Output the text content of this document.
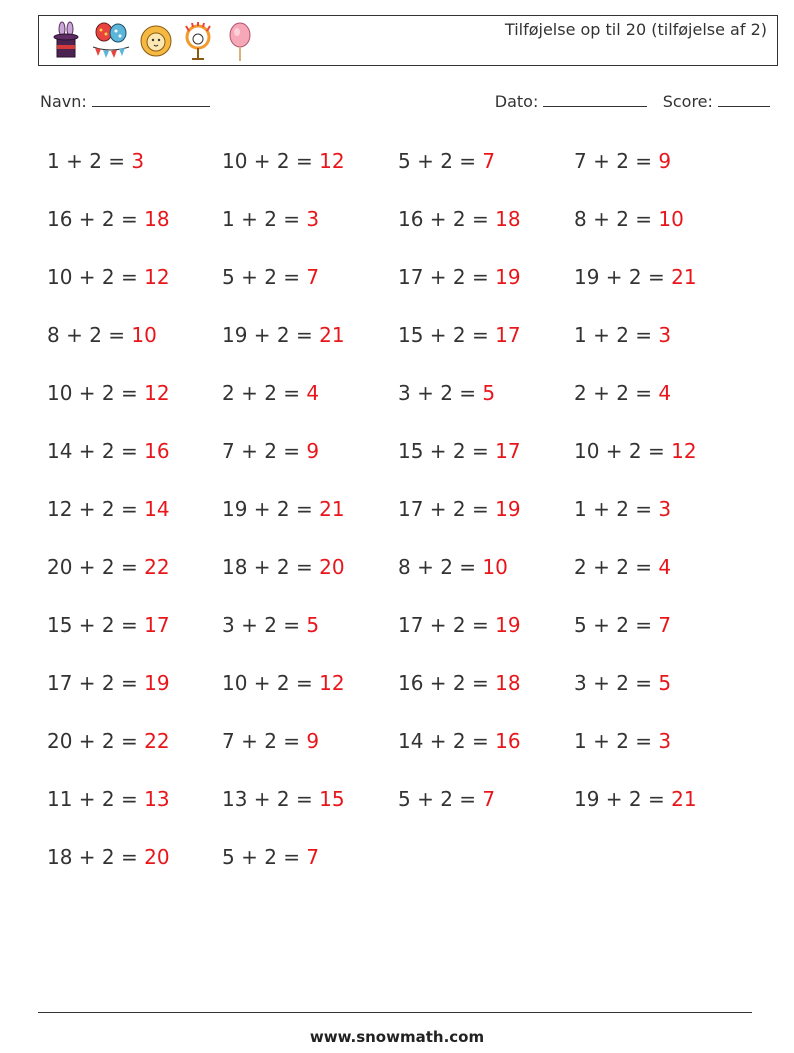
Tilføjelse op til 20 (tilføjelse af 2)
Navn:	Dato:	Score:
1 + 2 = 3	10 + 2 = 12	5 + 2 = 7	7 + 2 = 9
16 + 2 = 18	1 + 2 = 3	16 + 2 = 18	8 + 2 = 10
10 + 2 = 12	5 + 2 = 7	17 + 2 = 19	19 + 2 = 21
8 + 2 = 10	19 + 2 = 21	15 + 2 = 17	1 + 2 = 3
10 + 2 = 12	2 + 2 = 4	3 + 2 = 5	2 + 2 = 4
14 + 2 = 16	7 + 2 = 9	15 + 2 = 17	10 + 2 = 12
12 + 2 = 14	19 + 2 = 21	17 + 2 = 19	1 + 2 = 3
20 + 2 = 22	18 + 2 = 20	8 + 2 = 10	2 + 2 = 4
15 + 2 = 17	3 + 2 = 5	17 + 2 = 19	5 + 2 = 7
17 + 2 = 19	10 + 2 = 12	16 + 2 = 18	3 + 2 = 5
20 + 2 = 22	7 + 2 = 9	14 + 2 = 16	1 + 2 = 3
11 + 2 = 13	13 + 2 = 15	5 + 2 = 7	19 + 2 = 21
18 + 2 = 20	5 + 2 = 7
www.snowmath.com
